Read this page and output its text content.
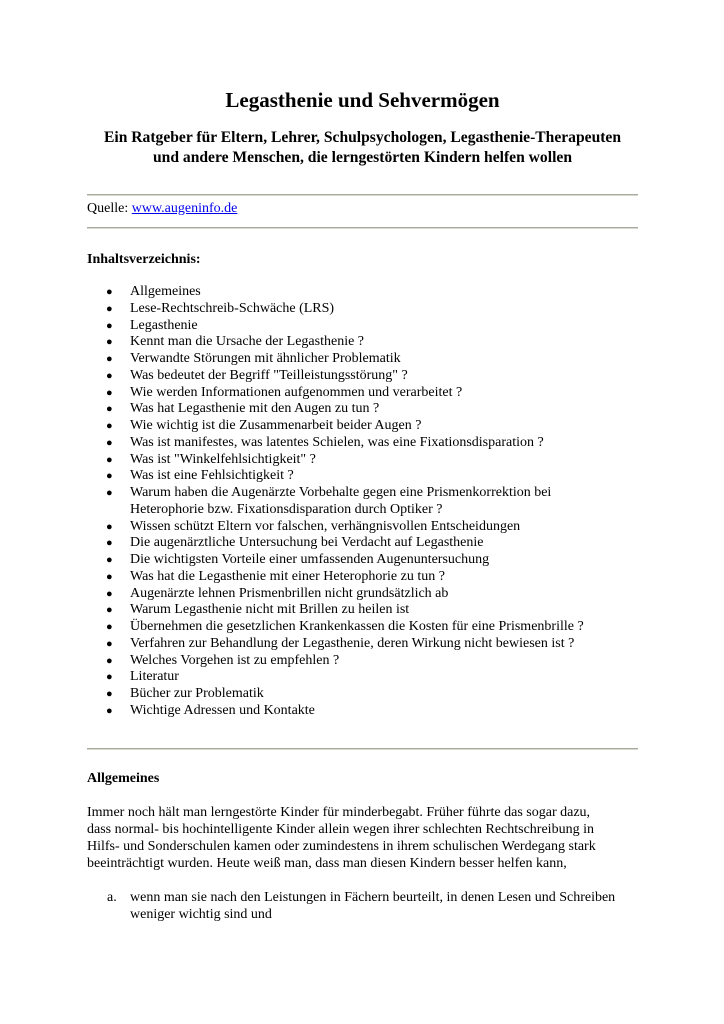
Legasthenie und Sehvermögen
Ein Ratgeber für Eltern, Lehrer, Schulpsychologen, Legasthenie-Therapeuten
und andere Menschen, die lerngestörten Kindern helfen wollen
Quelle: www.augeninfo.de
Inhaltsverzeichnis:
● Allgemeines
● Lese-Rechtschreib-Schwäche (LRS)
● Legasthenie
● Kennt man die Ursache der Legasthenie ?
● Verwandte Störungen mit ähnlicher Problematik
● Was bedeutet der Begriff "Teilleistungsstörung" ?
● Wie werden Informationen aufgenommen und verarbeitet ?
● Was hat Legasthenie mit den Augen zu tun ?
● Wie wichtig ist die Zusammenarbeit beider Augen ?
● Was ist manifestes, was latentes Schielen, was eine Fixationsdisparation ?
● Was ist "Winkelfehlsichtigkeit" ?
● Was ist eine Fehlsichtigkeit ?
● Warum haben die Augenärzte Vorbehalte gegen eine Prismenkorrektion bei
Heterophorie bzw. Fixationsdisparation durch Optiker ?
● Wissen schützt Eltern vor falschen, verhängnisvollen Entscheidungen
● Die augenärztliche Untersuchung bei Verdacht auf Legasthenie
● Die wichtigsten Vorteile einer umfassenden Augenuntersuchung
● Was hat die Legasthenie mit einer Heterophorie zu tun ?
● Augenärzte lehnen Prismenbrillen nicht grundsätzlich ab
● Warum Legasthenie nicht mit Brillen zu heilen ist
● Übernehmen die gesetzlichen Krankenkassen die Kosten für eine Prismenbrille ?
● Verfahren zur Behandlung der Legasthenie, deren Wirkung nicht bewiesen ist ?
● Welches Vorgehen ist zu empfehlen ?
● Literatur
● Bücher zur Problematik
● Wichtige Adressen und Kontakte
Allgemeines
Immer noch hält man lerngestörte Kinder für minderbegabt. Früher führte das sogar dazu,
dass normal- bis hochintelligente Kinder allein wegen ihrer schlechten Rechtschreibung in
Hilfs- und Sonderschulen kamen oder zumindestens in ihrem schulischen Werdegang stark
beeinträchtigt wurden. Heute weiß man, dass man diesen Kindern besser helfen kann,
a. wenn man sie nach den Leistungen in Fächern beurteilt, in denen Lesen und Schreiben
weniger wichtig sind und
